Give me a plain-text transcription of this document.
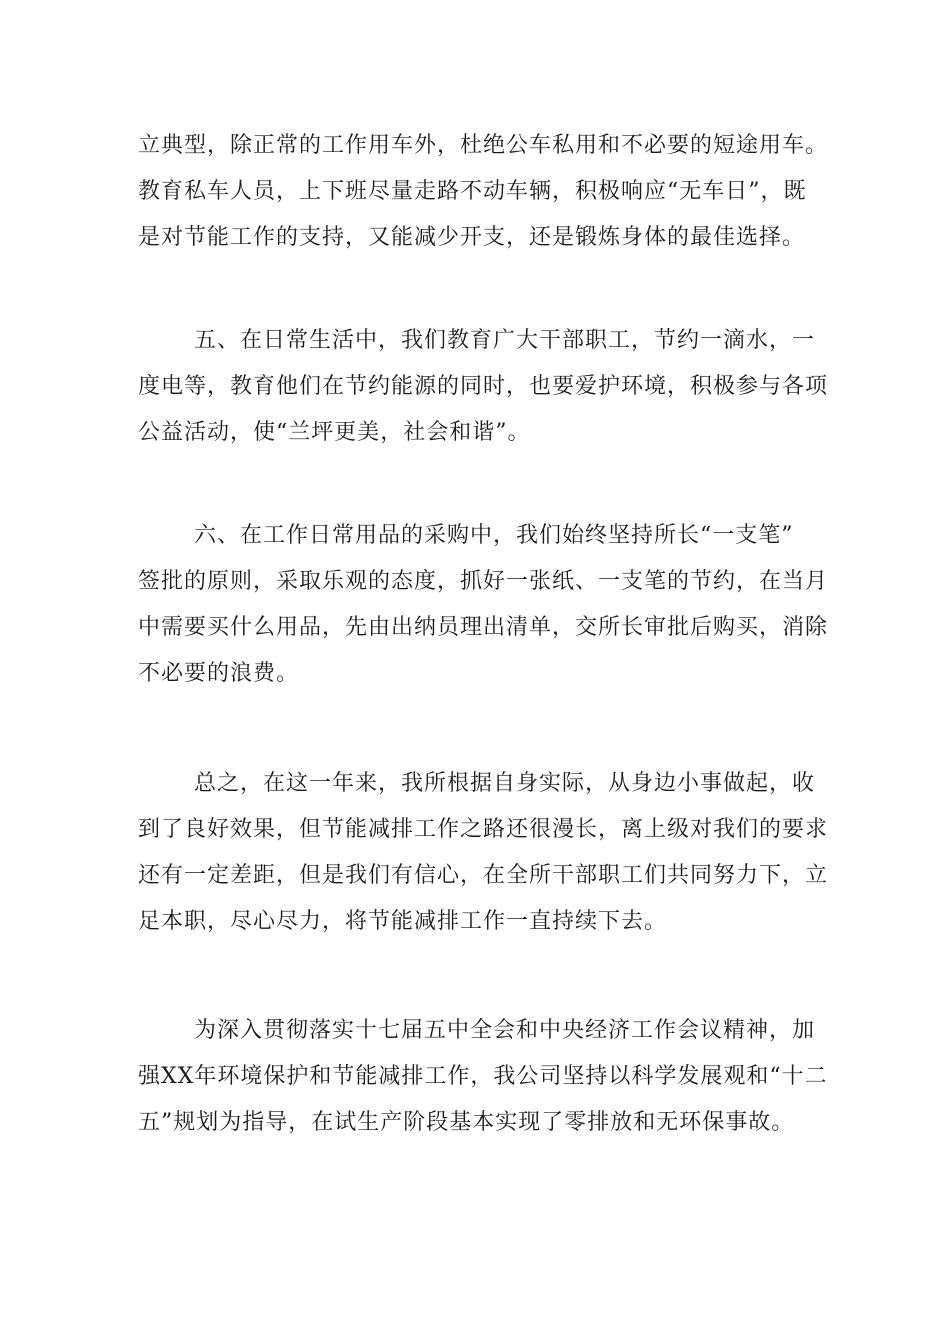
立典型，除正常的工作用车外，杜绝公车私用和不必要的短途用车。
教育私车人员，上下班尽量走路不动车辆，积极响应“无车日”，既
是对节能工作的支持，又能减少开支，还是锻炼身体的最佳选择。
五、在日常生活中，我们教育广大干部职工，节约一滴水，一
度电等，教育他们在节约能源的同时，也要爱护环境，积极参与各项
公益活动，使“兰坪更美，社会和谐”。
六、在工作日常用品的采购中，我们始终坚持所长“一支笔”
签批的原则，采取乐观的态度，抓好一张纸、一支笔的节约，在当月
中需要买什么用品，先由出纳员理出清单，交所长审批后购买，消除
不必要的浪费。
总之，在这一年来，我所根据自身实际，从身边小事做起，收
到了良好效果，但节能减排工作之路还很漫长，离上级对我们的要求
还有一定差距，但是我们有信心，在全所干部职工们共同努力下，立
足本职，尽心尽力，将节能减排工作一直持续下去。
为深入贯彻落实十七届五中全会和中央经济工作会议精神，加
强XX年环境保护和节能减排工作，我公司坚持以科学发展观和“十二
五”规划为指导，在试生产阶段基本实现了零排放和无环保事故。
